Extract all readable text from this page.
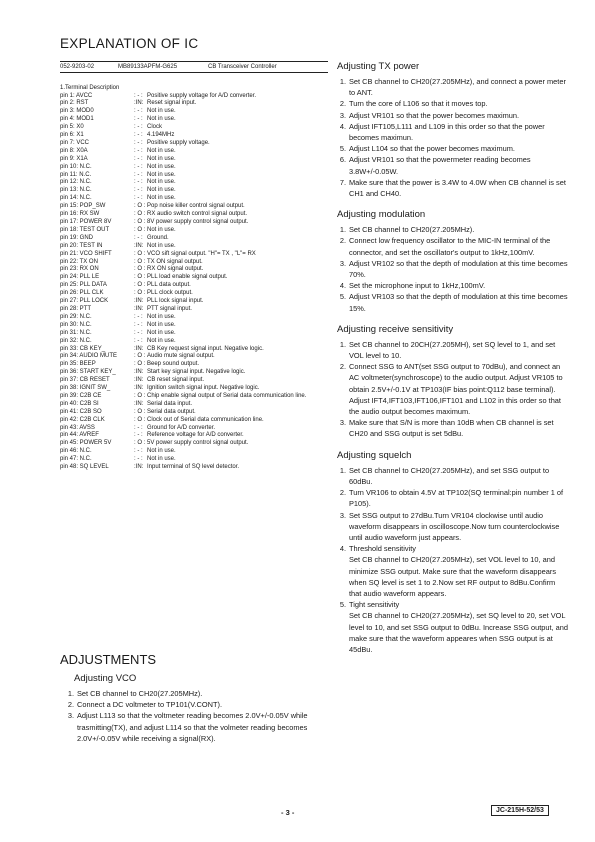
EXPLANATION OF IC
052-9203-02	MB89133APFM-G625	CB Transceiver Controller
1.Terminal Description
pin 1: AVCC	: - : Positive supply voltage for A/D converter.
pin 2: RST	:IN: Reset signal input.
pin 3: MOD0	: - : Not in use.
pin 4: MOD1	: - : Not in use.
pin 5: X0	: - : Clock
pin 6: X1	: - : 4.194MHz
pin 7: VCC	: - : Positive supply voltage.
pin 8: X0A	: - : Not in use.
pin 9: X1A	: - : Not in use.
pin 10: N.C.	: - : Not in use.
pin 11: N.C.	: - : Not in use.
pin 12: N.C.	: - : Not in use.
pin 13: N.C.	: - : Not in use.
pin 14: N.C.	: - : Not in use.
pin 15: POP_SW	: O : Pop noise killer control signal output.
pin 16: RX SW	: O : RX audio switch control signal output.
pin 17: POWER 8V	: O : 8V power supply control signal output.
pin 18: TEST OUT	: O : Not in use.
pin 19: GND	: - : Ground.
pin 20: TEST IN	:IN: Not in use.
pin 21: VCO SHIFT	: O : VCO sift signal output. "H"= TX , "L"= RX
pin 22: TX ON	: O : TX ON signal output.
pin 23: RX ON	: O : RX ON signal output.
pin 24: PLL LE	: O : PLL load enable signal output.
pin 25: PLL DATA	: O : PLL data output.
pin 26: PLL CLK	: O : PLL clock output.
pin 27: PLL LOCK	:IN: PLL lock signal input.
pin 28: PTT	:IN: PTT signal input.
pin 29: N.C.	: - : Not in use.
pin 30: N.C.	: - : Not in use.
pin 31: N.C.	: - : Not in use.
pin 32: N.C.	: - : Not in use.
pin 33: CB KEY_	:IN: CB Key request signal input. Negative logic.
pin 34: AUDIO MUTE	: O : Audio mute signal output.
pin 35: BEEP	: O : Beep sound output.
pin 36: START KEY_	:IN: Start key signal input. Negative logic.
pin 37: CB RESET	:IN: CB reset signal input.
pin 38: IGNIT SW_	:IN: Ignition switch signal input. Negative logic.
pin 39: C2B CE	: O : Chip enable signal output of Serial data communication line.
pin 40: C2B SI	:IN: Serial data input.
pin 41: C2B SO	: O : Serial data output.
pin 42: C2B CLK	: O : Clock out of Serial data communication line.
pin 43: AVSS	: - : Ground for A/D converter.
pin 44: AVREF	: - : Reference voltage for A/D converter.
pin 45: POWER 5V	: O : 5V power supply control signal output.
pin 46: N.C.	: - : Not in use.
pin 47: N.C.	: - : Not in use.
pin 48: SQ LEVEL	:IN: Input terminal of SQ level detector.
ADJUSTMENTS
Adjusting VCO
1. Set CB channel to CH20(27.205MHz).
2. Connect a DC voltmeter to TP101(V.CONT).
3. Adjust L113 so that the voltmeter reading becomes 2.0V+/-0.05V while trasmitting(TX), and adjust L114 so that the volmeter reading becomes 2.0V+/-0.05V while receiving a signal(RX).
Adjusting TX power
1. Set CB channel to CH20(27.205MHz), and connect a power meter to ANT.
2. Turn the core of L106 so that it moves top.
3. Adjust VR101 so that the power becomes maximun.
4. Adjust IFT105,L111 and L109 in this order so that the power becomes maximun.
5. Adjust L104 so that the power becomes maximum.
6. Adjust VR101 so that the powermeter reading becomes 3.8W+/-0.05W.
7. Make sure that the power is 3.4W to 4.0W when CB channel is set CH1 and CH40.
Adjusting modulation
1. Set CB channel to CH20(27.205MHz).
2. Connect low frequency oscillator to the MIC-IN terminal of the connector, and set the oscillator's output to 1kHz,100mV.
3. Adjust VR102 so that the depth of modulation at this time becomes 70%.
4. Set the microphone input to 1kHz,100mV.
5. Adjust VR103 so that the depth of modulation at this time becomes 15%.
Adjusting receive sensitivity
1. Set CB channel to 20CH(27.205MH), set SQ level to 1, and set VOL level to 10.
2. Connect SSG to ANT(set SSG output to 70dBu), and connect an AC voltmeter(synchroscope) to the audio output. Adjust VR105 to obtain 2.5V+/-0.1V at TP103(IF bias point:Q112 base terminal). Adjust IFT4,IFT103,IFT106,IFT101 and L102 in this order so that the audio output becomes maximum.
3. Make sure that S/N is more than 10dB when CB channel is set CH20 and SSG output is set 5dBu.
Adjusting squelch
1. Set CB channel to CH20(27.205MHz), and set SSG output to 60dBu.
2. Turn VR106 to obtain 4.5V at TP102(SQ terminal:pin number 1 of P105).
3. Set SSG output to 27dBu.Turn VR104 clockwise until audio waveform disappears in oscilloscope.Now turn counterclockwise until audio waveform just appears.
4. Threshold sensitivity
Set CB channel to CH20(27.205MHz), set VOL level to 10, and minimize SSG output. Make sure that the waveform disappears when SQ level is set 1 to 2.Now set RF output to 8dBu.Confirm that audio waveform appears.
5. Tight sensitivity
Set CB channel to CH20(27.205MHz), set SQ level to 20, set VOL level to 10, and set SSG output to 0dBu. Increase SSG output, and make sure that the waveform appeares when SSG output is at 45dBu.
- 3 -	JC-215H-52/53
